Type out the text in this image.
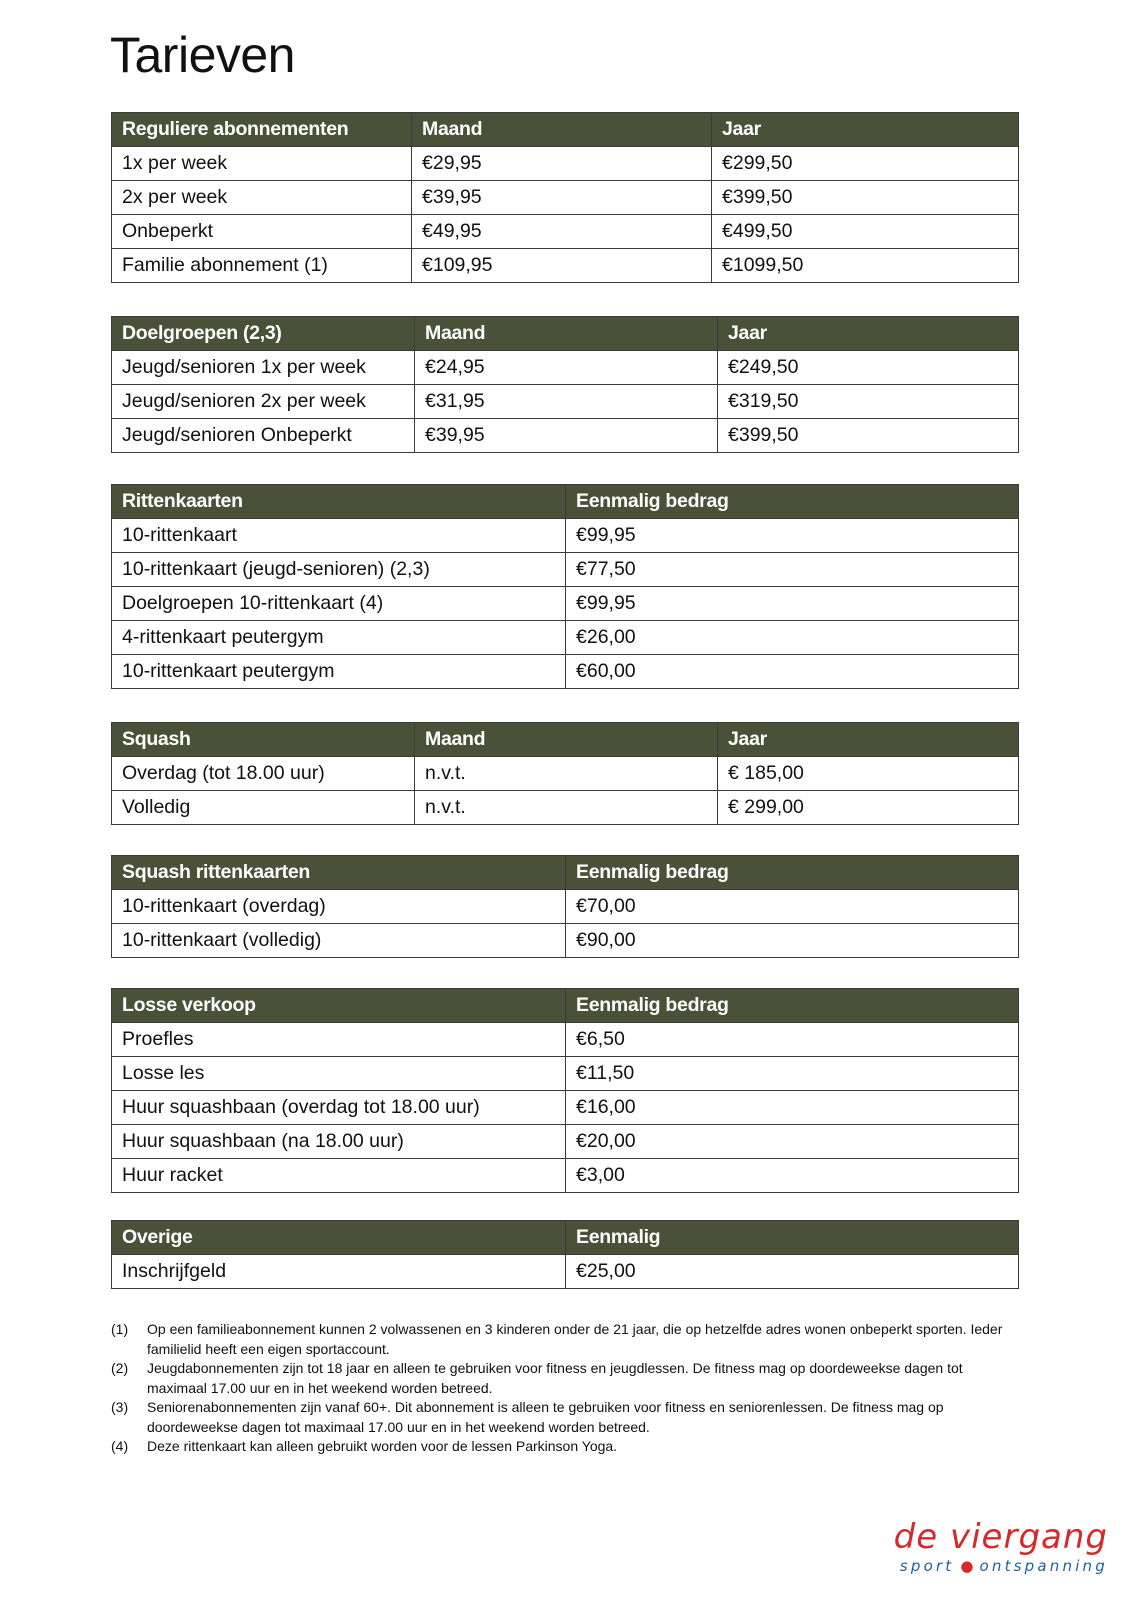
Tarieven
Reguliere abonnementen	Maand	Jaar
1x per week	€29,95	€299,50
2x per week	€39,95	€399,50
Onbeperkt	€49,95	€499,50
Familie abonnement (1)	€109,95	€1099,50
Doelgroepen (2,3)	Maand	Jaar
Jeugd/senioren 1x per week	€24,95	€249,50
Jeugd/senioren 2x per week	€31,95	€319,50
Jeugd/senioren Onbeperkt	€39,95	€399,50
Rittenkaarten	Eenmalig bedrag
10-rittenkaart	€99,95
10-rittenkaart (jeugd-senioren) (2,3)	€77,50
Doelgroepen 10-rittenkaart (4)	€99,95
4-rittenkaart peutergym	€26,00
10-rittenkaart peutergym	€60,00
Squash	Maand	Jaar
Overdag (tot 18.00 uur)	n.v.t.	€ 185,00
Volledig	n.v.t.	€ 299,00
Squash rittenkaarten	Eenmalig bedrag
10-rittenkaart (overdag)	€70,00
10-rittenkaart (volledig)	€90,00
Losse verkoop	Eenmalig bedrag
Proefles	€6,50
Losse les	€11,50
Huur squashbaan (overdag tot 18.00 uur)	€16,00
Huur squashbaan (na 18.00 uur)	€20,00
Huur racket	€3,00
Overige	Eenmalig
Inschrijfgeld	€25,00
(1)	Op een familieabonnement kunnen 2 volwassenen en 3 kinderen onder de 21 jaar, die op hetzelfde adres wonen onbeperkt sporten. Ieder familielid heeft een eigen sportaccount.
(2)	Jeugdabonnementen zijn tot 18 jaar en alleen te gebruiken voor fitness en jeugdlessen. De fitness mag op doordeweekse dagen tot maximaal 17.00 uur en in het weekend worden betreed.
(3)	Seniorenabonnementen zijn vanaf 60+. Dit abonnement is alleen te gebruiken voor fitness en seniorenlessen. De fitness mag op doordeweekse dagen tot maximaal 17.00 uur en in het weekend worden betreed.
(4)	Deze rittenkaart kan alleen gebruikt worden voor de lessen Parkinson Yoga.
de viergang
sport ● ontspanning
